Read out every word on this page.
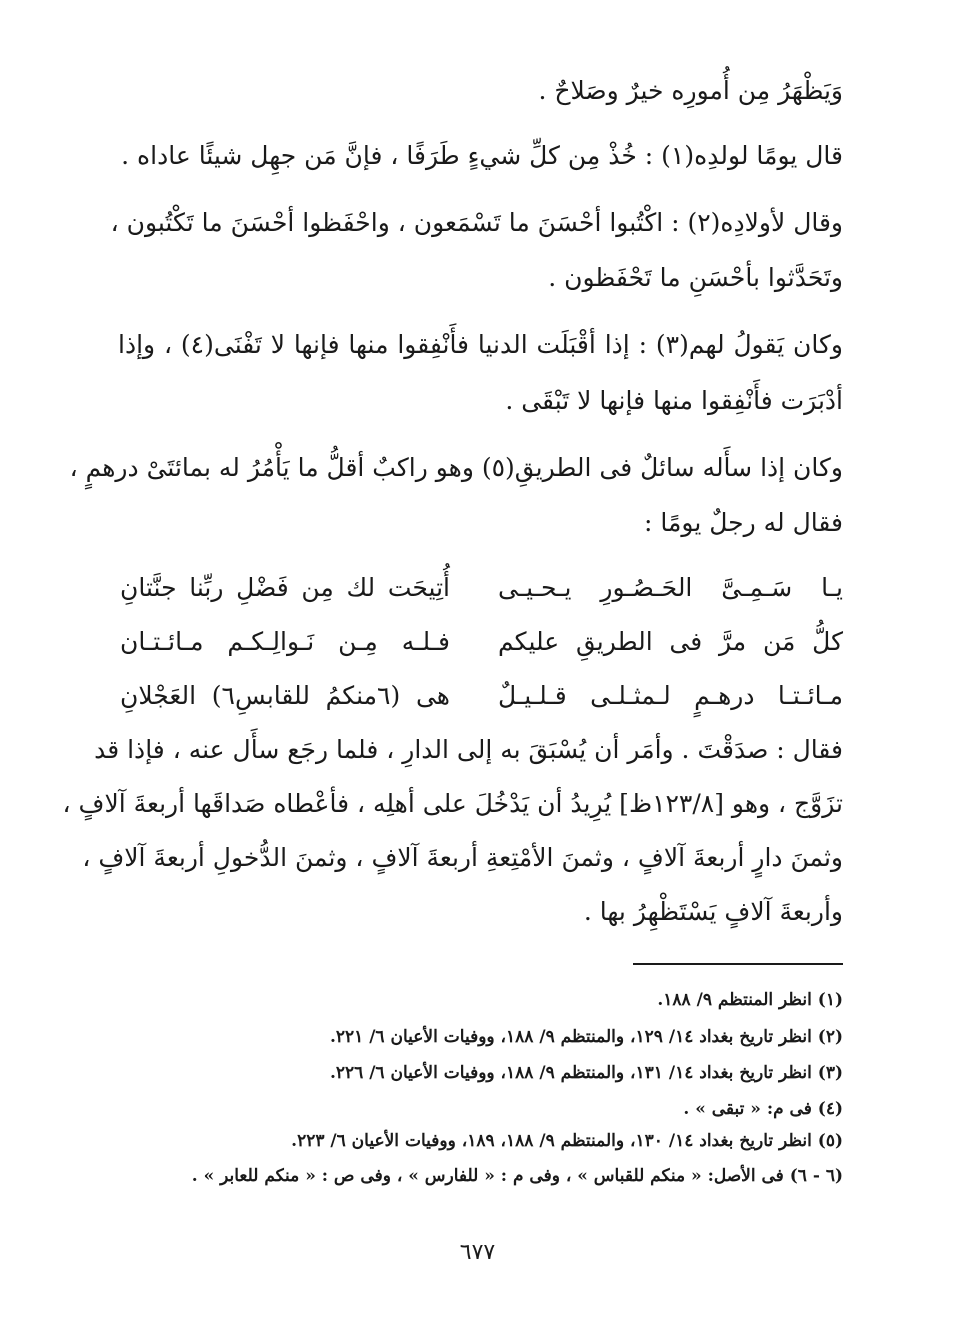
وَيَظْهَرُ مِن أُمورِه خيرٌ وصَلاحٌ .
قال يومًا لولدِه(١) : خُذْ مِن كلِّ شيءٍ طَرَفًا ، فإنَّ مَن جهِل شيئًا عاداه .
وقال لأولادِه(٢) : اكْتُبوا أحْسَنَ ما تَسْمَعون ، واحْفَظوا أحْسَنَ ما تَكْتُبون ،
وتَحَدَّثوا بأحْسَنِ ما تَحْفَظون .
وكان يَقولُ لهم(٣) : إذا أقْبَلَت الدنيا فأَنْفِقوا منها فإنها لا تَفْنَى(٤) ، وإذا
أدْبَرَت فأَنْفِقوا منها فإنها لا تَبْقَى .
وكان إذا سأَله سائلٌ فى الطريقِ(٥) وهو راكبٌ أقلُّ ما يَأْمُرُ له بمائتَىْ درهمٍ ،
فقال له رجلٌ يومًا :
يـا سَـمِـىَّ الحَـصُـورِ يـحـيـى
أُتِيحَت لك مِن فَضْلِ ربِّنا جنَّتانِ
كلُّ مَن مرَّ فى الطريقِ عليكم
فـلـه مِـن نَـوالِـكـم مـائـتـان
مـائـتـا درهـمٍ لـمثـلـى قـلـيـلٌ
هى (٦منكمُ للقابسِ٦) العَجْلانِ
فقال : صدَقْتَ . وأمَر أن يُسْبَقَ به إلى الدارِ ، فلما رجَع سأَل عنه ، فإذا قد
تزَوَّج ، وهو [١٢٣/٨ظ] يُرِيدُ أن يَدْخُلَ على أهلِه ، فأعْطاه صَداقَها أربعةَ آلافٍ ،
وثمنَ دارٍ أربعةَ آلافٍ ، وثمنَ الأمْتِعةِ أربعةَ آلافٍ ، وثمنَ الدُّخولِ أربعةَ آلافٍ ،
وأربعةَ آلافٍ يَسْتَظْهِرُ بها .
(١) انظر المنتظم ٩/ ١٨٨.
(٢) انظر تاريخ بغداد ١٤/ ١٢٩، والمنتظم ٩/ ١٨٨، ووفيات الأعيان ٦/ ٢٢١.
(٣) انظر تاريخ بغداد ١٤/ ١٣١، والمنتظم ٩/ ١٨٨، ووفيات الأعيان ٦/ ٢٢٦.
(٤) فى م: « تبقى » .
(٥) انظر تاريخ بغداد ١٤/ ١٣٠، والمنتظم ٩/ ١٨٨، ١٨٩، ووفيات الأعيان ٦/ ٢٢٣.
(٦ - ٦) فى الأصل: « منكم للقباس » ، وفى م : « للفارس » ، وفى ص : « منكم للعابر » .
٦٧٧
